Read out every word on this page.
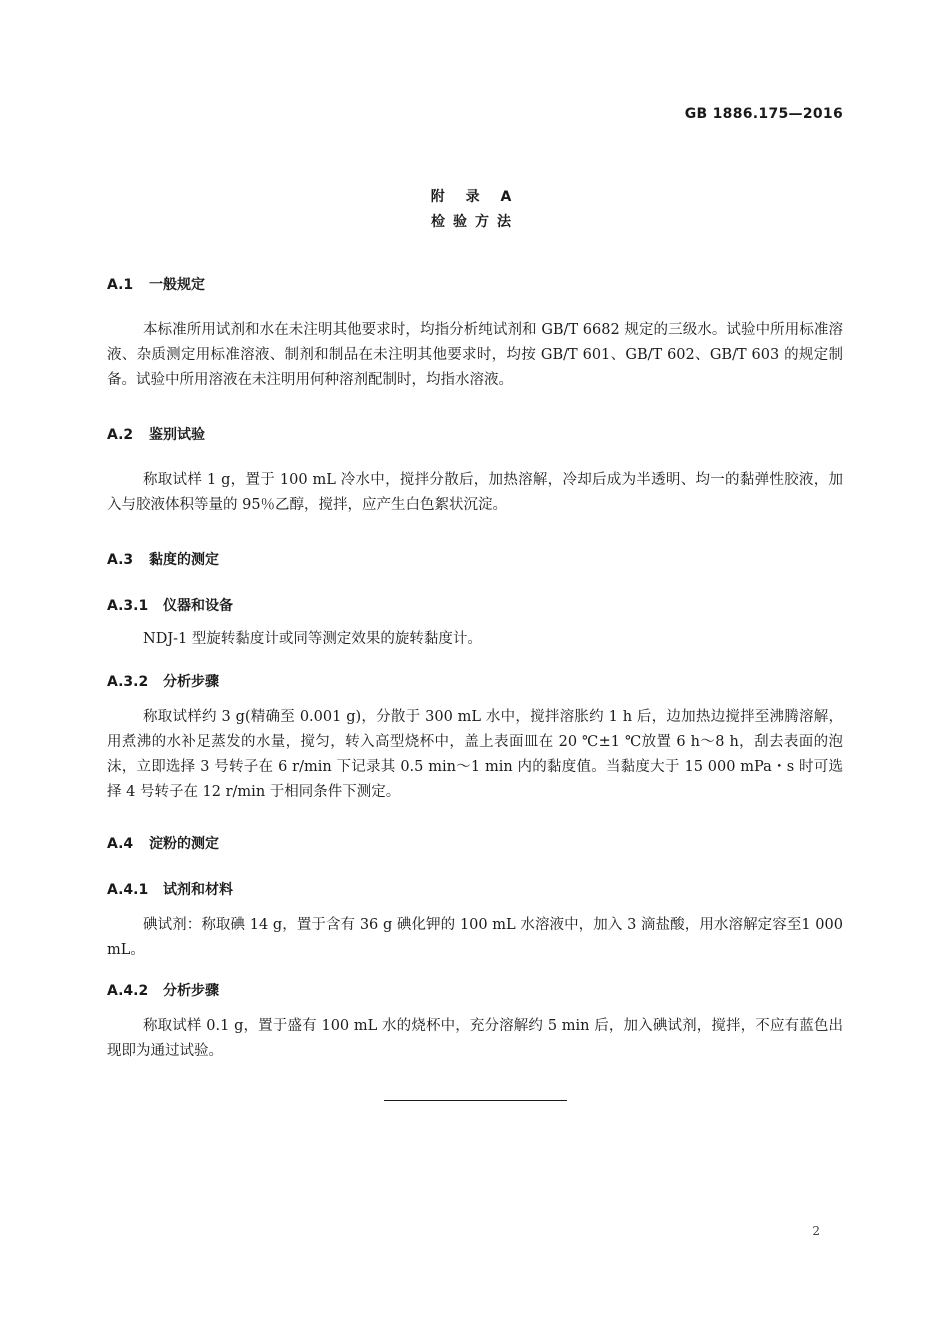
GB 1886.175—2016
附 录 A
检验方法
A.1 一般规定
本标准所用试剂和水在未注明其他要求时，均指分析纯试剂和 GB/T 6682 规定的三级水。试验中所用标准溶液、杂质测定用标准溶液、制剂和制品在未注明其他要求时，均按 GB/T 601、GB/T 602、GB/T 603 的规定制备。试验中所用溶液在未注明用何种溶剂配制时，均指水溶液。
A.2 鉴别试验
称取试样 1 g，置于 100 mL 冷水中，搅拌分散后，加热溶解，冷却后成为半透明、均一的黏弹性胶液，加入与胶液体积等量的 95％乙醇，搅拌，应产生白色絮状沉淀。
A.3 黏度的测定
A.3.1 仪器和设备
NDJ-1 型旋转黏度计或同等测定效果的旋转黏度计。
A.3.2 分析步骤
称取试样约 3 g(精确至 0.001 g)，分散于 300 mL 水中，搅拌溶胀约 1 h 后，边加热边搅拌至沸腾溶解，用煮沸的水补足蒸发的水量，搅匀，转入高型烧杯中，盖上表面皿在 20 ℃±1 ℃放置 6 h～8 h，刮去表面的泡沫，立即选择 3 号转子在 6 r/min 下记录其 0.5 min～1 min 内的黏度值。当黏度大于 15 000 mPa・s 时可选择 4 号转子在 12 r/min 于相同条件下测定。
A.4 淀粉的测定
A.4.1 试剂和材料
碘试剂：称取碘 14 g，置于含有 36 g 碘化钾的 100 mL 水溶液中，加入 3 滴盐酸，用水溶解定容至1 000 mL。
A.4.2 分析步骤
称取试样 0.1 g，置于盛有 100 mL 水的烧杯中，充分溶解约 5 min 后，加入碘试剂，搅拌，不应有蓝色出现即为通过试验。
2
